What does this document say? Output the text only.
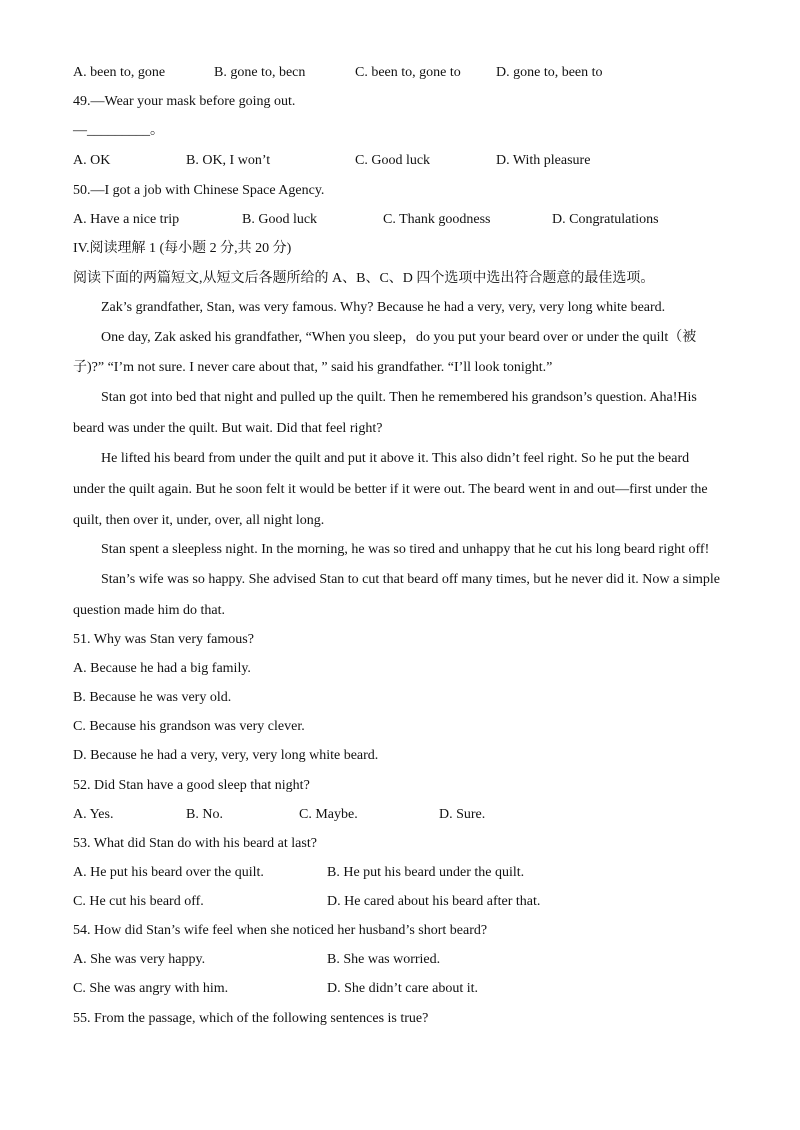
A. been to, gone	B. gone to, becn	C. been to, gone to	D. gone to, been to
49.—Wear your mask before going out.
—_________。
A. OK	B. OK, I won’t	C. Good luck	D. With pleasure
50.—I got a job with Chinese Space Agency.
A. Have a nice trip	B. Good luck	C. Thank goodness	D. Congratulations
IV.阅读理解 1 (每小题 2 分,共 20 分)
阅读下面的两篇短文,从短文后各题所给的 A、B、C、D 四个选项中选出符合题意的最佳选项。
Zak’s grandfather, Stan, was very famous. Why? Because he had a very, very, very long white beard.
One day, Zak asked his grandfather, “When you sleep，do you put your beard over or under the quilt（被
子)?” “I’m not sure. I never care about that, ” said his grandfather. “I’ll look tonight.”
Stan got into bed that night and pulled up the quilt. Then he remembered his grandson’s question. Aha!His
beard was under the quilt. But wait. Did that feel right?
He lifted his beard from under the quilt and put it above it. This also didn’t feel right. So he put the beard
under the quilt again. But he soon felt it would be better if it were out. The beard went in and out—first under the
quilt, then over it, under, over, all night long.
Stan spent a sleepless night. In the morning, he was so tired and unhappy that he cut his long beard right off!
Stan’s wife was so happy. She advised Stan to cut that beard off many times, but he never did it. Now a simple
question made him do that.
51. Why was Stan very famous?
A. Because he had a big family.
B. Because he was very old.
C. Because his grandson was very clever.
D. Because he had a very, very, very long white beard.
52. Did Stan have a good sleep that night?
A. Yes.	B. No.	C. Maybe.	D. Sure.
53. What did Stan do with his beard at last?
A. He put his beard over the quilt.	B. He put his beard under the quilt.
C. He cut his beard off.	D. He cared about his beard after that.
54. How did Stan’s wife feel when she noticed her husband’s short beard?
A. She was very happy.	B. She was worried.
C. She was angry with him.	D. She didn’t care about it.
55. From the passage, which of the following sentences is true?
